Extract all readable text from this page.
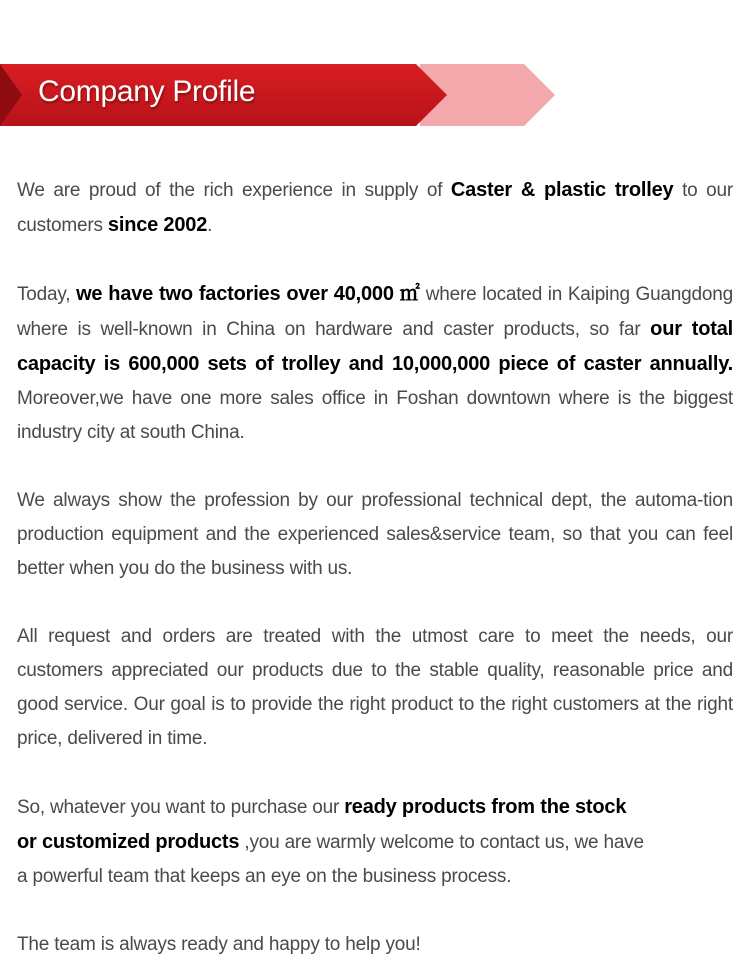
Company Profile

We are proud of the rich experience in supply of Caster & plastic trolley to our customers since 2002.

Today, we have two factories over 40,000 ㎡ where located in Kaiping Guangdong where is well-known in China on hardware and caster products, so far our total capacity is 600,000 sets of trolley and 10,000,000 piece of caster annually. Moreover,we have one more sales office in Foshan downtown where is the biggest industry city at south China.

We always show the profession by our professional technical dept, the automa-tion production equipment and the experienced sales&service team, so that you can feel better when you do the business with us.

All request and orders are treated with the utmost care to meet the needs, our customers appreciated our products due to the stable quality, reasonable price and good service. Our goal is to provide the right product to the right customers at the right price, delivered in time.

So, whatever you want to purchase our ready products from the stock
or customized products ,you are warmly welcome to contact us, we have
a powerful team that keeps an eye on the business process.

The team is always ready and happy to help you!
